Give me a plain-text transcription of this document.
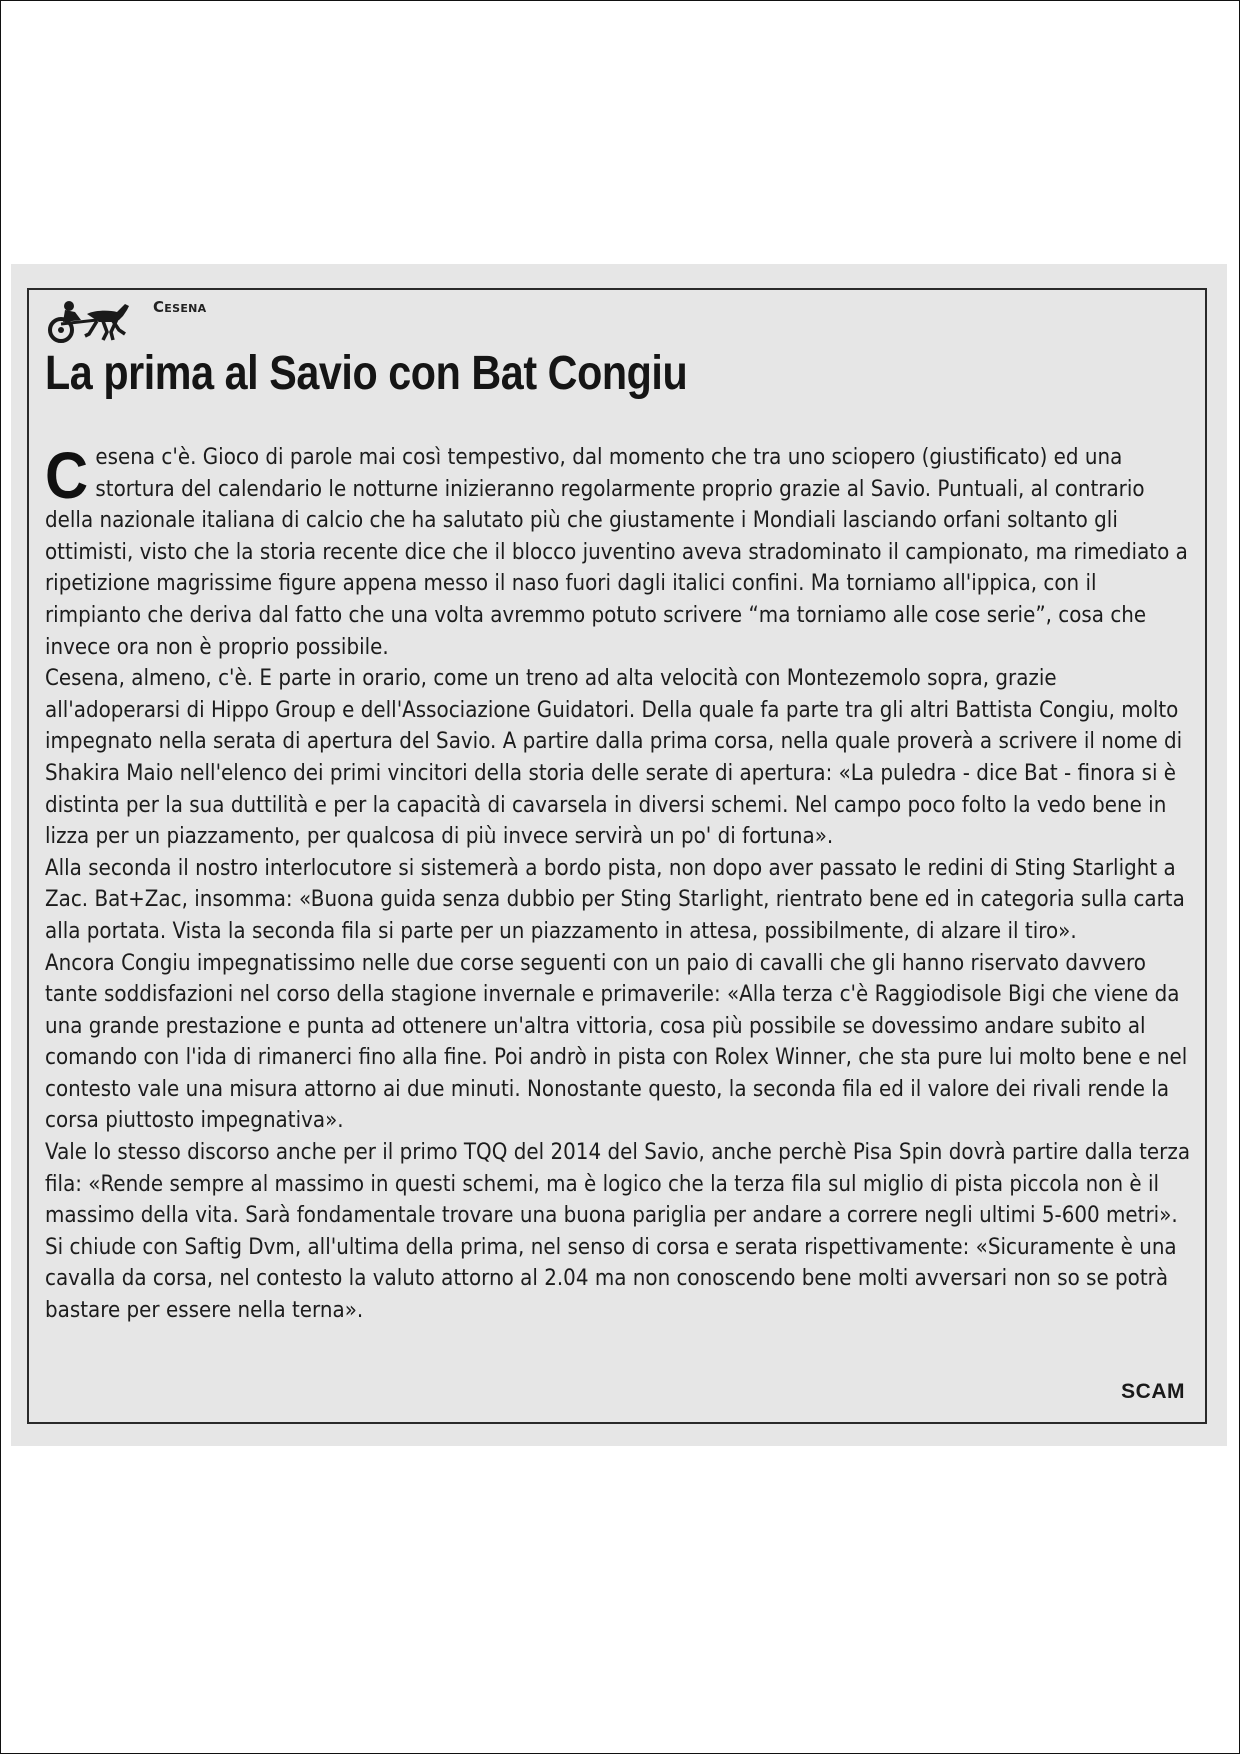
Cesena
La prima al Savio con Bat Congiu

Cesena c'è. Gioco di parole mai così tempestivo, dal momento che tra uno sciopero (giustificato) ed una stortura del calendario le notturne inizieranno regolarmente proprio grazie al Savio. Puntuali, al contrario della nazionale italiana di calcio che ha salutato più che giustamente i Mondiali lasciando orfani soltanto gli ottimisti, visto che la storia recente dice che il blocco juventino aveva stradominato il campionato, ma rimediato a ripetizione magrissime figure appena messo il naso fuori dagli italici confini. Ma torniamo all'ippica, con il rimpianto che deriva dal fatto che una volta avremmo potuto scrivere “ma torniamo alle cose serie”, cosa che invece ora non è proprio possibile.

Cesena, almeno, c'è. E parte in orario, come un treno ad alta velocità con Montezemolo sopra, grazie all'adoperarsi di Hippo Group e dell'Associazione Guidatori. Della quale fa parte tra gli altri Battista Congiu, molto impegnato nella serata di apertura del Savio. A partire dalla prima corsa, nella quale proverà a scrivere il nome di Shakira Maio nell'elenco dei primi vincitori della storia delle serate di apertura: «La puledra - dice Bat - finora si è distinta per la sua duttilità e per la capacità di cavarsela in diversi schemi. Nel campo poco folto la vedo bene in lizza per un piazzamento, per qualcosa di più invece servirà un po' di fortuna».

Alla seconda il nostro interlocutore si sistemerà a bordo pista, non dopo aver passato le redini di Sting Starlight a Zac. Bat+Zac, insomma: «Buona guida senza dubbio per Sting Starlight, rientrato bene ed in categoria sulla carta alla portata. Vista la seconda fila si parte per un piazzamento in attesa, possibilmente, di alzare il tiro».

Ancora Congiu impegnatissimo nelle due corse seguenti con un paio di cavalli che gli hanno riservato davvero tante soddisfazioni nel corso della stagione invernale e primaverile: «Alla terza c'è Raggiodisole Bigi che viene da una grande prestazione e punta ad ottenere un'altra vittoria, cosa più possibile se dovessimo andare subito al comando con l'ida di rimanerci fino alla fine. Poi andrò in pista con Rolex Winner, che sta pure lui molto bene e nel contesto vale una misura attorno ai due minuti. Nonostante questo, la seconda fila ed il valore dei rivali rende la corsa piuttosto impegnativa».

Vale lo stesso discorso anche per il primo TQQ del 2014 del Savio, anche perchè Pisa Spin dovrà partire dalla terza fila: «Rende sempre al massimo in questi schemi, ma è logico che la terza fila sul miglio di pista piccola non è il massimo della vita. Sarà fondamentale trovare una buona pariglia per andare a correre negli ultimi 5-600 metri».

Si chiude con Saftig Dvm, all'ultima della prima, nel senso di corsa e serata rispettivamente: «Sicuramente è una cavalla da corsa, nel contesto la valuto attorno al 2.04 ma non conoscendo bene molti avversari non so se potrà bastare per essere nella terna».

SCAM
